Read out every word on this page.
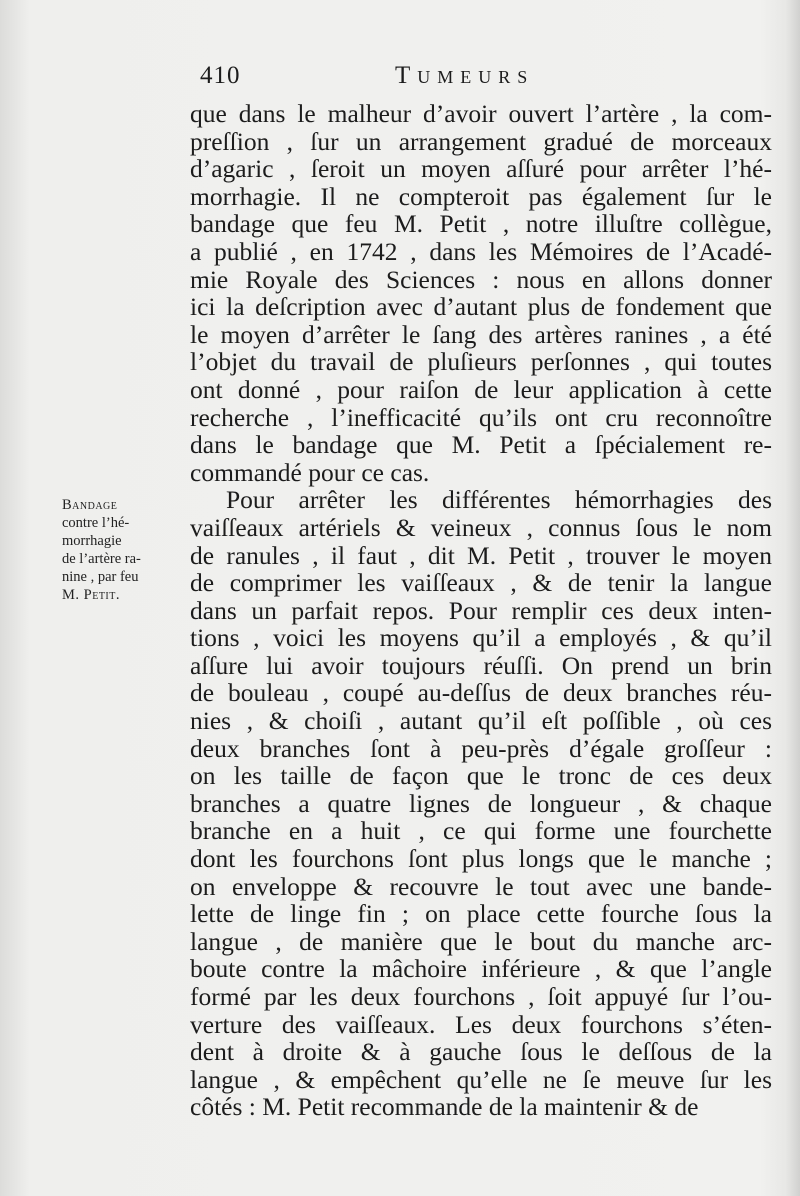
410	Tumeurs
Bandage
contre l’hé-
morrhagie
de l’artère ra-
nine , par feu
M. Petit.
que dans le malheur d’avoir ouvert l’artère , la com-
preſſion , ſur un arrangement gradué de morceaux
d’agaric , ſeroit un moyen aſſuré pour arrêter l’hé-
morrhagie. Il ne compteroit pas également ſur le
bandage que feu M. Petit , notre illuſtre collègue,
a publié , en 1742 , dans les Mémoires de l’Acadé-
mie Royale des Sciences : nous en allons donner
ici la deſcription avec d’autant plus de fondement que
le moyen d’arrêter le ſang des artères ranines , a été
l’objet du travail de pluſieurs perſonnes , qui toutes
ont donné , pour raiſon de leur application à cette
recherche , l’inefficacité qu’ils ont cru reconnoître
dans le bandage que M. Petit a ſpécialement re-
commandé pour ce cas.
Pour arrêter les différentes hémorrhagies des
vaiſſeaux artériels & veineux , connus ſous le nom
de ranules , il faut , dit M. Petit , trouver le moyen
de comprimer les vaiſſeaux , & de tenir la langue
dans un parfait repos. Pour remplir ces deux inten-
tions , voici les moyens qu’il a employés , & qu’il
aſſure lui avoir toujours réuſſi. On prend un brin
de bouleau , coupé au-deſſus de deux branches réu-
nies , & choiſi , autant qu’il eſt poſſible , où ces
deux branches ſont à peu-près d’égale groſſeur :
on les taille de façon que le tronc de ces deux
branches a quatre lignes de longueur , & chaque
branche en a huit , ce qui forme une fourchette
dont les fourchons ſont plus longs que le manche ;
on enveloppe & recouvre le tout avec une bande-
lette de linge fin ; on place cette fourche ſous la
langue , de manière que le bout du manche arc-
boute contre la mâchoire inférieure , & que l’angle
formé par les deux fourchons , ſoit appuyé ſur l’ou-
verture des vaiſſeaux. Les deux fourchons s’éten-
dent à droite & à gauche ſous le deſſous de la
langue , & empêchent qu’elle ne ſe meuve ſur les
côtés : M. Petit recommande de la maintenir & de
